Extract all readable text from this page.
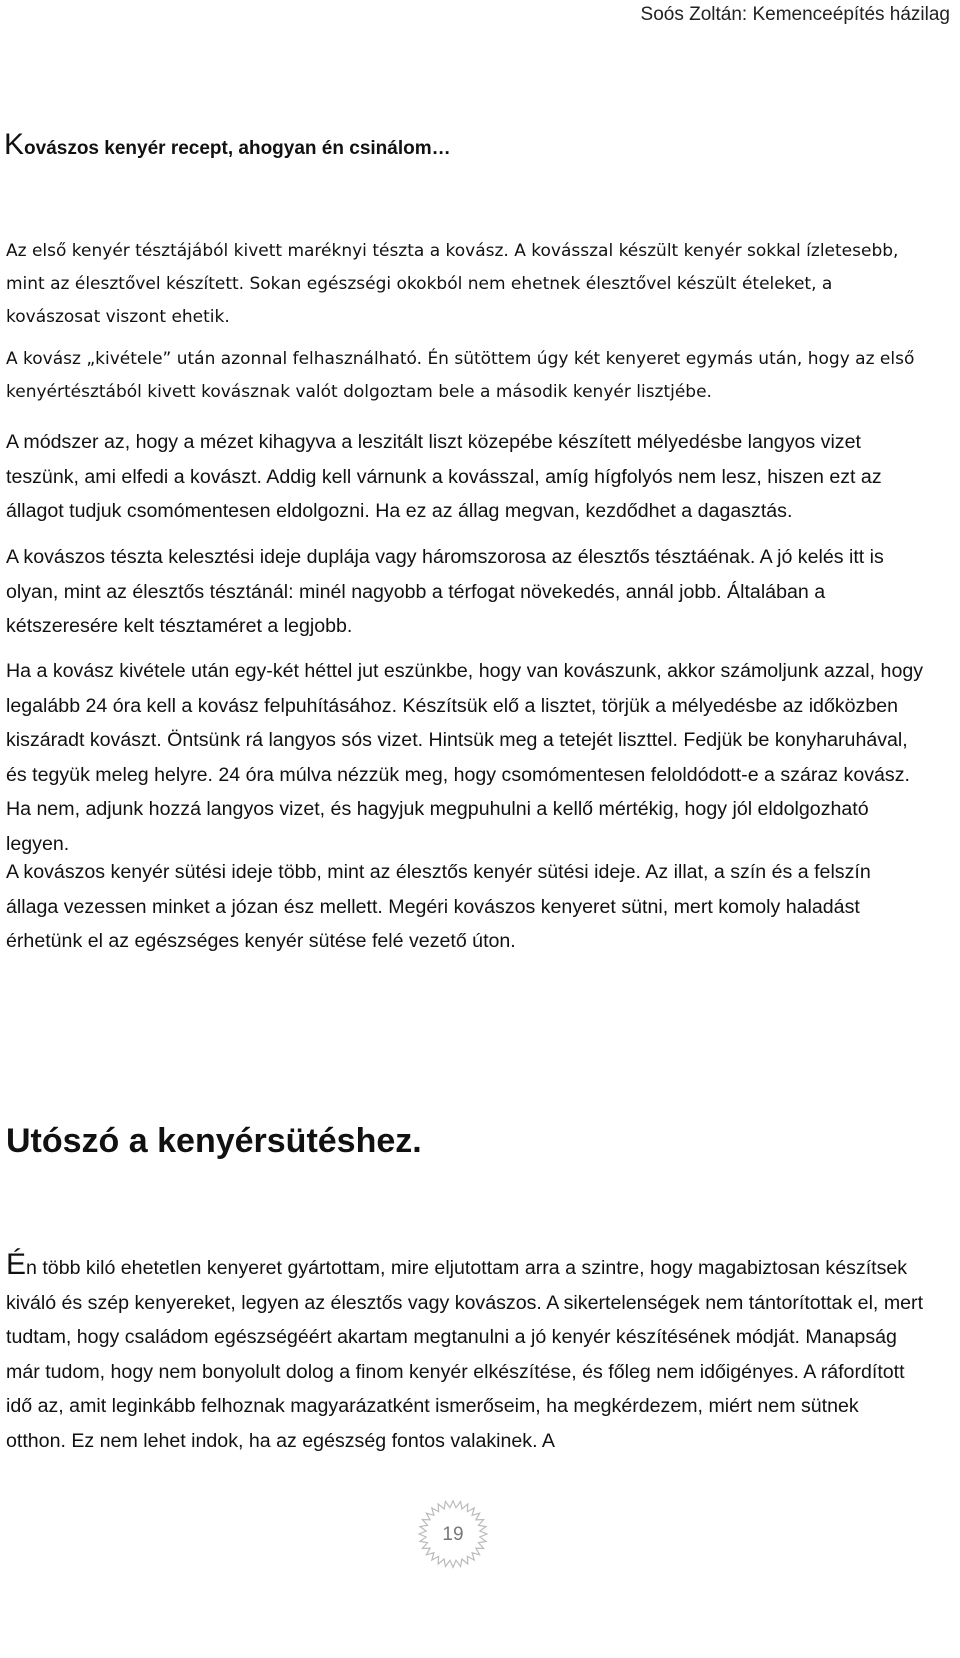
Soós Zoltán: Kemenceépítés házilag
Kovászos kenyér recept, ahogyan én csinálom…

Az első kenyér tésztájából kivett maréknyi tészta a kovász. A kovásszal készült kenyér sokkal ízletesebb, mint az élesztővel készített. Sokan egészségi okokból nem ehetnek élesztővel készült ételeket, a kovászosat viszont ehetik.

A kovász „kivétele” után azonnal felhasználható. Én sütöttem úgy két kenyeret egymás után, hogy az első kenyértésztából kivett kovásznak valót dolgoztam bele a második kenyér lisztjébe.

A módszer az, hogy a mézet kihagyva a leszitált liszt közepébe készített mélyedésbe langyos vizet teszünk, ami elfedi a kovászt. Addig kell várnunk a kovásszal, amíg hígfolyós nem lesz, hiszen ezt az állagot tudjuk csomómentesen eldolgozni. Ha ez az állag megvan, kezdődhet a dagasztás.

A kovászos tészta kelesztési ideje duplája vagy háromszorosa az élesztős tésztáénak. A jó kelés itt is olyan, mint az élesztős tésztánál: minél nagyobb a térfogat növekedés, annál jobb. Általában a kétszeresére kelt tésztaméret a legjobb.

Ha a kovász kivétele után egy-két héttel jut eszünkbe, hogy van kovászunk, akkor számoljunk azzal, hogy legalább 24 óra kell a kovász felpuhításához. Készítsük elő a lisztet, törjük a mélyedésbe az időközben kiszáradt kovászt. Öntsünk rá langyos sós vizet. Hintsük meg a tetejét liszttel. Fedjük be konyharuhával, és tegyük meleg helyre. 24 óra múlva nézzük meg, hogy csomómentesen feloldódott-e a száraz kovász. Ha nem, adjunk hozzá langyos vizet, és hagyjuk megpuhulni a kellő mértékig, hogy jól eldolgozható legyen.

A kovászos kenyér sütési ideje több, mint az élesztős kenyér sütési ideje. Az illat, a szín és a felszín állaga vezessen minket a józan ész mellett. Megéri kovászos kenyeret sütni, mert komoly haladást érhetünk el az egészséges kenyér sütése felé vezető úton.

Utószó a kenyérsütéshez.

Én több kiló ehetetlen kenyeret gyártottam, mire eljutottam arra a szintre, hogy magabiztosan készítsek kiváló és szép kenyereket, legyen az élesztős vagy kovászos. A sikertelenségek nem tántorítottak el, mert tudtam, hogy családom egészségéért akartam megtanulni a jó kenyér készítésének módját. Manapság már tudom, hogy nem bonyolult dolog a finom kenyér elkészítése, és főleg nem időigényes. A ráfordított idő az, amit leginkább felhoznak magyarázatként ismerőseim, ha megkérdezem, miért nem sütnek otthon. Ez nem lehet indok, ha az egészség fontos valakinek. A

19
